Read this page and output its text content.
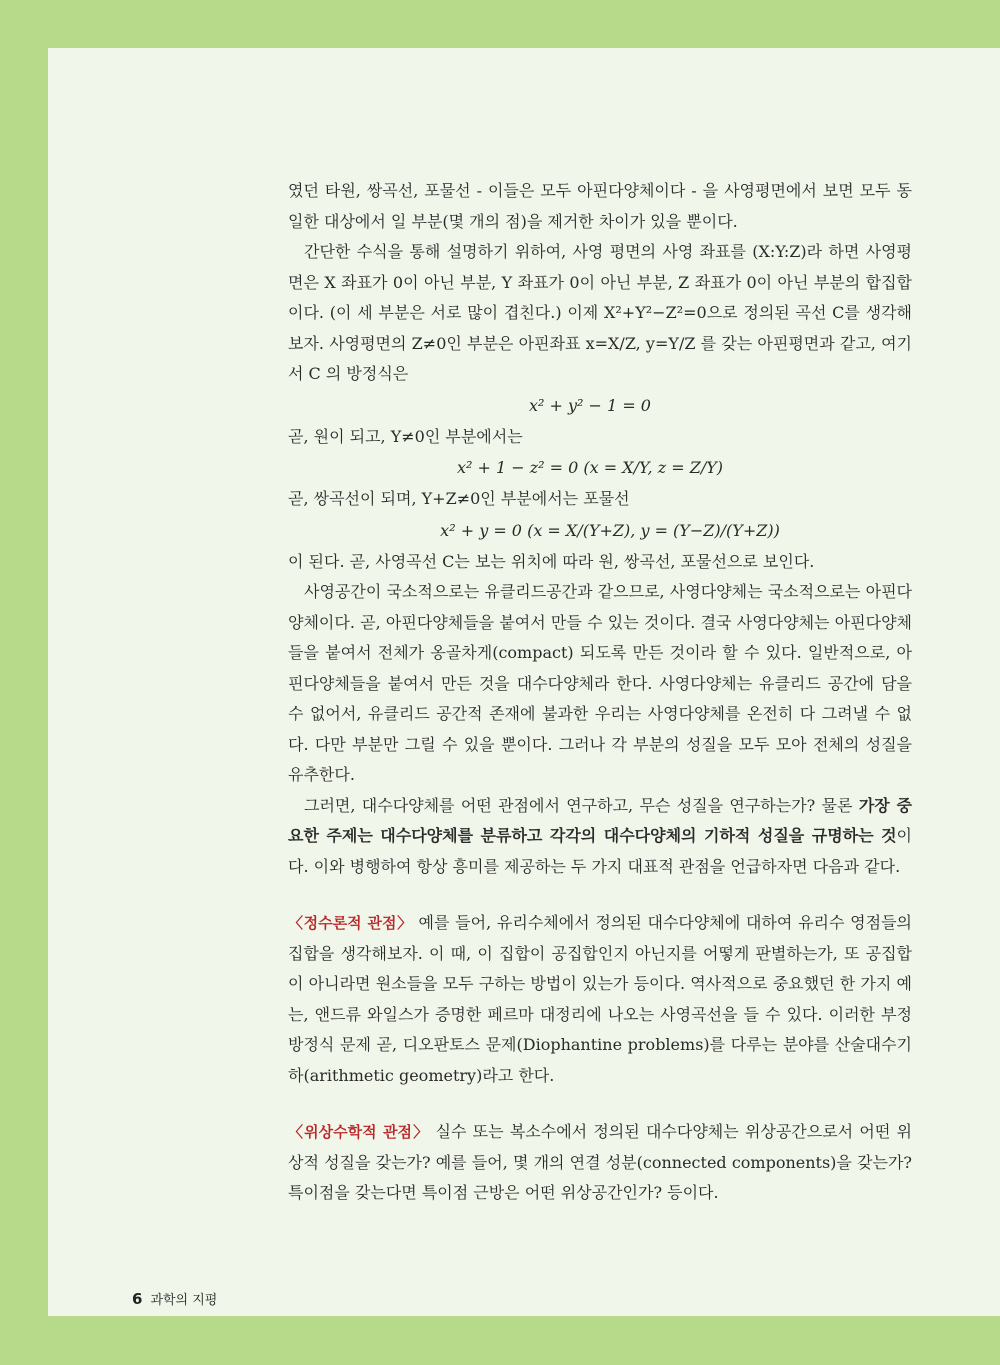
였던 타원, 쌍곡선, 포물선 - 이들은 모두 아핀다양체이다 - 을 사영평면에서 보면 모두 동일한 대상에서 일 부분(몇 개의 점)을 제거한 차이가 있을 뿐이다.

간단한 수식을 통해 설명하기 위하여, 사영 평면의 사영 좌표를 (X:Y:Z)라 하면 사영평면은 X 좌표가 0이 아닌 부분, Y 좌표가 0이 아닌 부분, Z 좌표가 0이 아닌 부분의 합집합이다. (이 세 부분은 서로 많이 겹친다.) 이제 X²+Y²−Z²=0으로 정의된 곡선 C를 생각해보자. 사영평면의 Z≠0인 부분은 아핀좌표 x=X/Z, y=Y/Z 를 갖는 아핀평면과 같고, 여기서 C 의 방정식은

x² + y² − 1 = 0

곧, 원이 되고, Y≠0인 부분에서는

x² + 1 − z² = 0 (x = X/Y, z = Z/Y)

곧, 쌍곡선이 되며, Y+Z≠0인 부분에서는 포물선

x² + y = 0 (x = X/(Y+Z), y = (Y−Z)/(Y+Z))

이 된다. 곧, 사영곡선 C는 보는 위치에 따라 원, 쌍곡선, 포물선으로 보인다.

사영공간이 국소적으로는 유클리드공간과 같으므로, 사영다양체는 국소적으로는 아핀다양체이다. 곧, 아핀다양체들을 붙여서 만들 수 있는 것이다. 결국 사영다양체는 아핀다양체들을 붙여서 전체가 옹골차게(compact) 되도록 만든 것이라 할 수 있다. 일반적으로, 아핀다양체들을 붙여서 만든 것을 대수다양체라 한다. 사영다양체는 유클리드 공간에 담을 수 없어서, 유클리드 공간적 존재에 불과한 우리는 사영다양체를 온전히 다 그려낼 수 없다. 다만 부분만 그릴 수 있을 뿐이다. 그러나 각 부분의 성질을 모두 모아 전체의 성질을 유추한다.

그러면, 대수다양체를 어떤 관점에서 연구하고, 무슨 성질을 연구하는가? 물론 가장 중요한 주제는 대수다양체를 분류하고 각각의 대수다양체의 기하적 성질을 규명하는 것이다. 이와 병행하여 항상 흥미를 제공하는 두 가지 대표적 관점을 언급하자면 다음과 같다.

〈정수론적 관점〉 예를 들어, 유리수체에서 정의된 대수다양체에 대하여 유리수 영점들의 집합을 생각해보자. 이 때, 이 집합이 공집합인지 아닌지를 어떻게 판별하는가, 또 공집합이 아니라면 원소들을 모두 구하는 방법이 있는가 등이다. 역사적으로 중요했던 한 가지 예는, 앤드류 와일스가 증명한 페르마 대정리에 나오는 사영곡선을 들 수 있다. 이러한 부정방정식 문제 곧, 디오판토스 문제(Diophantine problems)를 다루는 분야를 산술대수기하(arithmetic geometry)라고 한다.

〈위상수학적 관점〉 실수 또는 복소수에서 정의된 대수다양체는 위상공간으로서 어떤 위상적 성질을 갖는가? 예를 들어, 몇 개의 연결 성분(connected components)을 갖는가? 특이점을 갖는다면 특이점 근방은 어떤 위상공간인가? 등이다.

6 과학의 지평
